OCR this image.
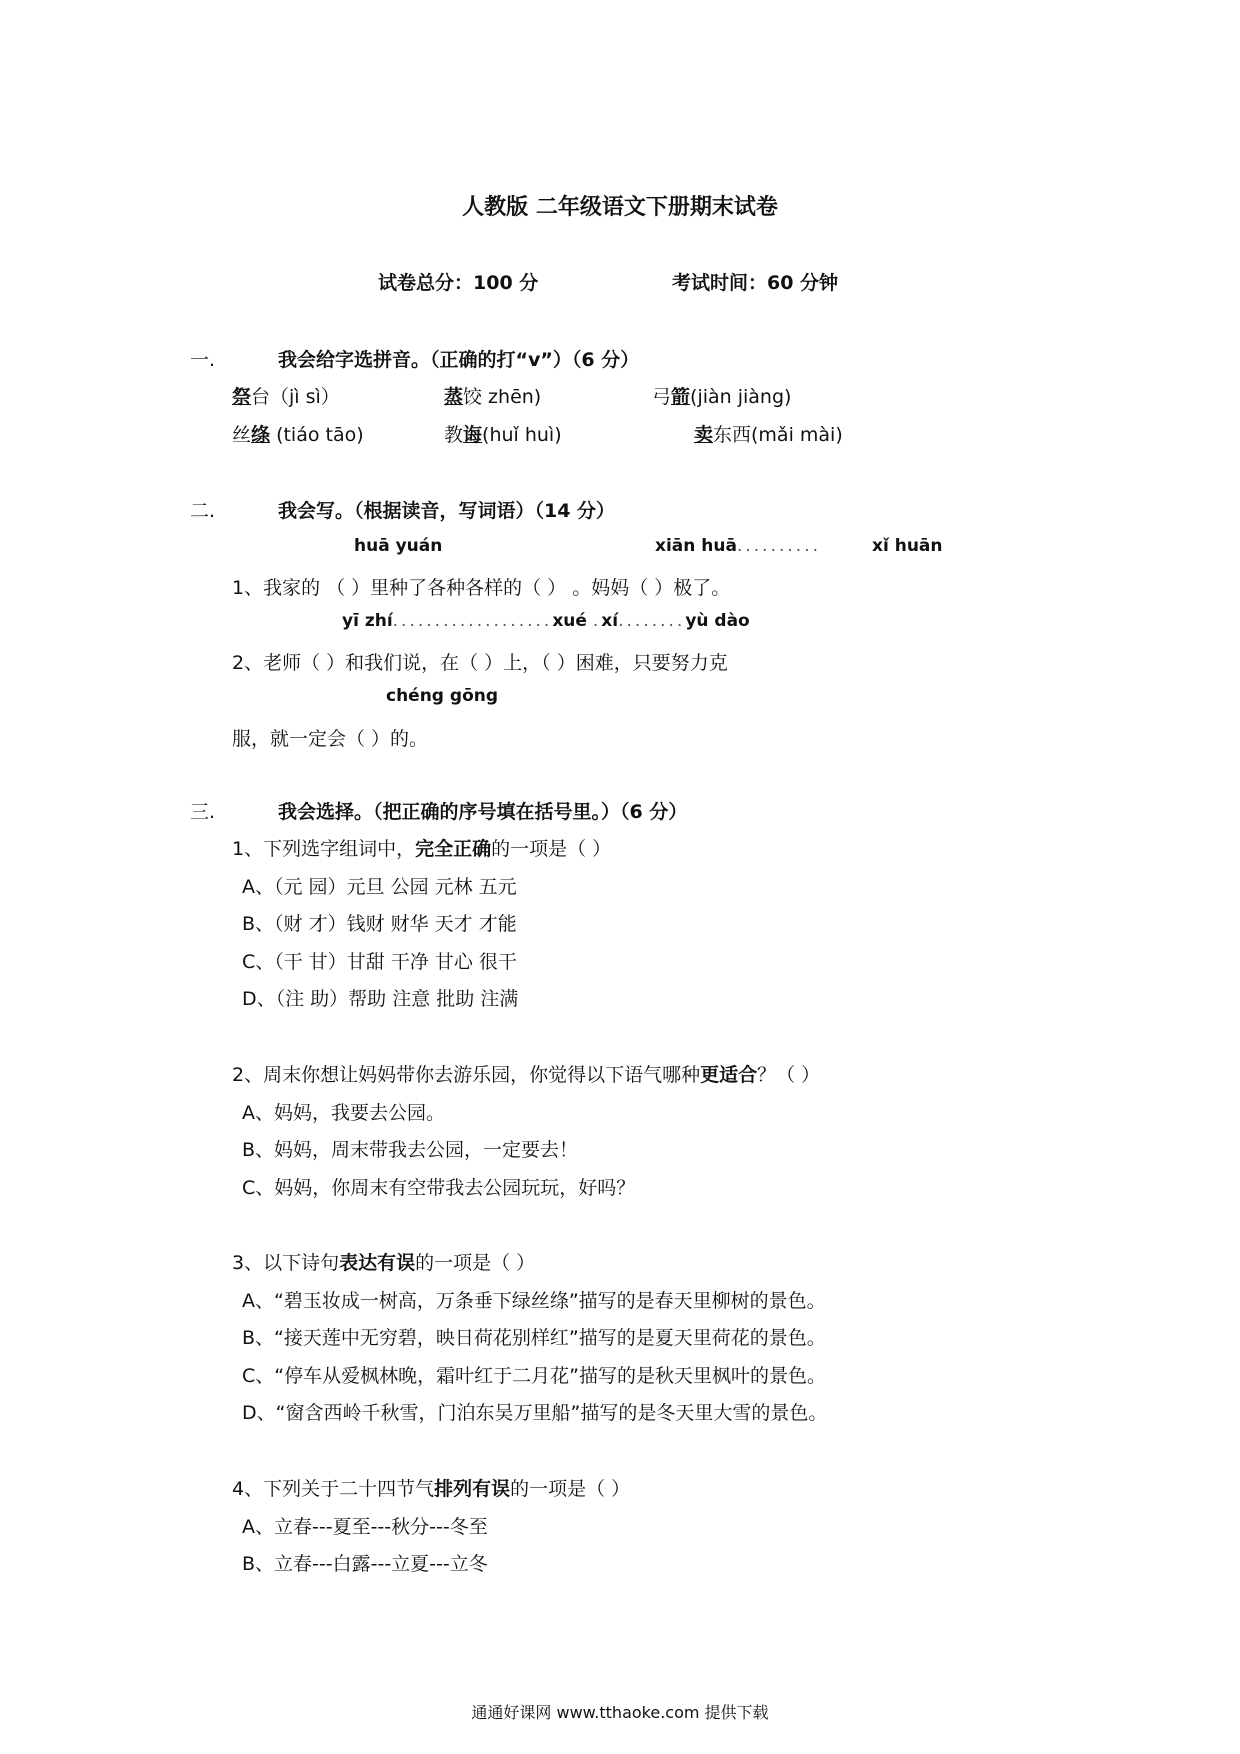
人教版 二年级语文下册期末试卷
试卷总分：100 分	考试时间：60 分钟
一.	我会给字选拼音。（正确的打“v”）（6 分）
祭台（jì sì）	蒸饺 zhēn)	弓箭(jiàn jiàng)
丝绦 (tiáo tāo)	教诲(huǐ huì)	卖东西(mǎi mài)
二.	我会写。（根据读音，写词语）（14 分）
huā yuán	xiān huā..........	xǐ huān
1、我家的 （ ）里种了各种各样的（ ） 。妈妈（ ）极了。
yī zhí...................xué .xí........yù dào
2、老师（ ）和我们说，在（ ）上，（ ）困难，只要努力克
chéng gōng
服，就一定会（ ）的。
三.	我会选择。（把正确的序号填在括号里。）（6 分）
1、下列选字组词中，完全正确的一项是（ ）
A、（元 园）元旦 公园 元林 五元
B、（财 才）钱财 财华 天才 才能
C、（干 甘）甘甜 干净 甘心 很干
D、（注 助）帮助 注意 批助 注满
2、周末你想让妈妈带你去游乐园，你觉得以下语气哪种更适合？（ ）
A、妈妈，我要去公园。
B、妈妈，周末带我去公园，一定要去！
C、妈妈，你周末有空带我去公园玩玩，好吗？
3、以下诗句表达有误的一项是（ ）
A、“碧玉妆成一树高，万条垂下绿丝绦”描写的是春天里柳树的景色。
B、“接天莲中无穷碧，映日荷花别样红”描写的是夏天里荷花的景色。
C、“停车从爱枫林晚，霜叶红于二月花”描写的是秋天里枫叶的景色。
D、“窗含西岭千秋雪，门泊东吴万里船”描写的是冬天里大雪的景色。
4、下列关于二十四节气排列有误的一项是（ ）
A、立春---夏至---秋分---冬至
B、立春---白露---立夏---立冬
通通好课网 www.tthaoke.com 提供下载
